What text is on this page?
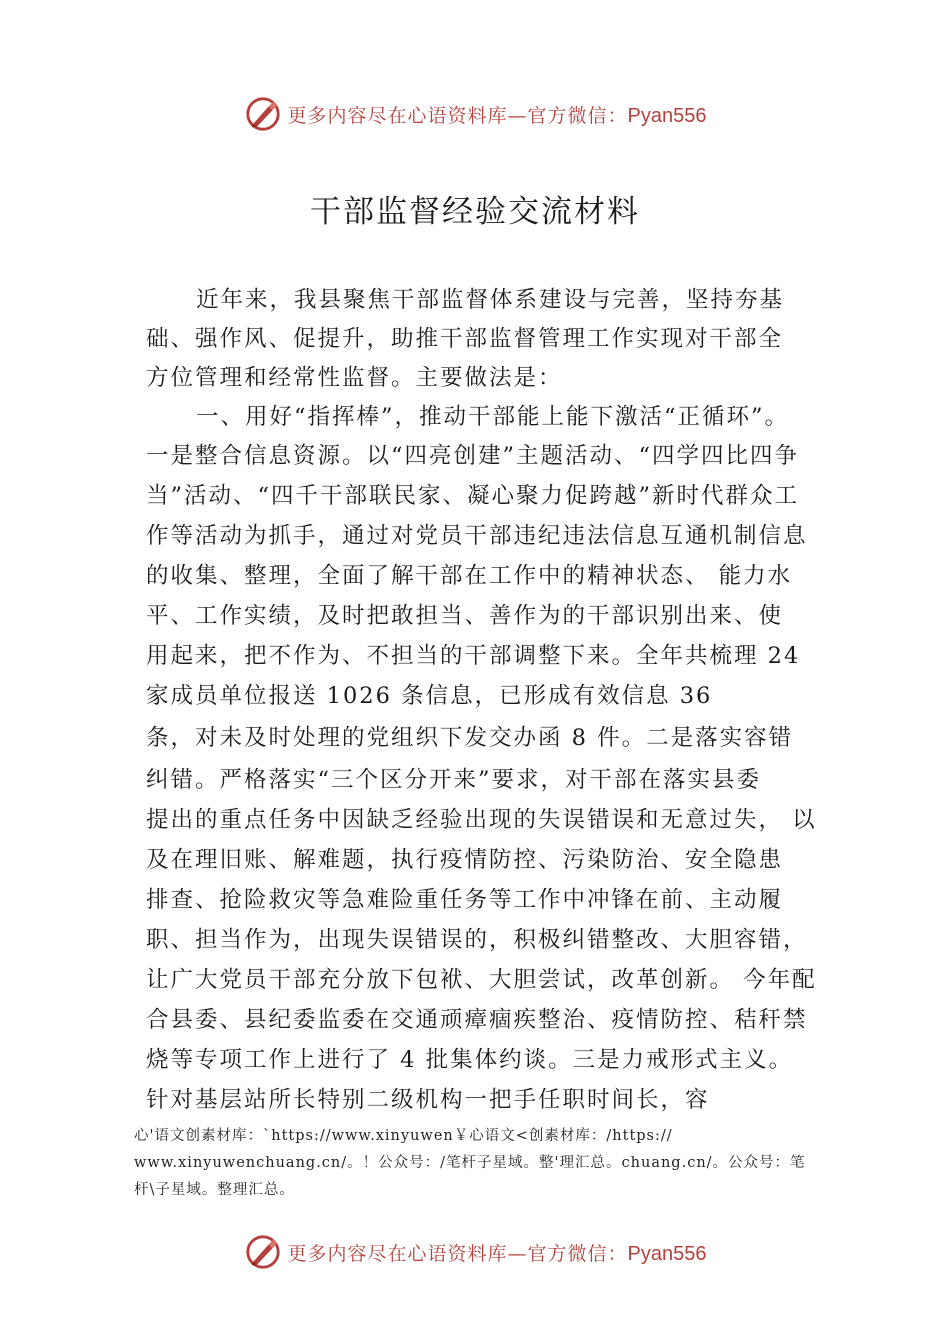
更多内容尽在心语资料库—官方微信：Pyan556
干部监督经验交流材料
近年来，我县聚焦干部监督体系建设与完善，坚持夯基
础、强作风、促提升，助推干部监督管理工作实现对干部全
方位管理和经常性监督。主要做法是：
一、用好“指挥棒”，推动干部能上能下激活“正循环”。
一是整合信息资源。以“四亮创建”主题活动、“四学四比四争
当”活动、“四千干部联民家、凝心聚力促跨越”新时代群众工
作等活动为抓手，通过对党员干部违纪违法信息互通机制信息
的收集、整理，全面了解干部在工作中的精神状态、 能力水
平、工作实绩，及时把敢担当、善作为的干部识别出来、使
用起来，把不作为、不担当的干部调整下来。全年共梳理 24
家成员单位报送 1026 条信息，已形成有效信息 36
条，对未及时处理的党组织下发交办函 8 件。二是落实容错
纠错。严格落实“三个区分开来”要求，对干部在落实县委
提出的重点任务中因缺乏经验出现的失误错误和无意过失， 以
及在理旧账、解难题，执行疫情防控、污染防治、安全隐患
排查、抢险救灾等急难险重任务等工作中冲锋在前、主动履
职、担当作为，出现失误错误的，积极纠错整改、大胆容错，
让广大党员干部充分放下包袱、大胆尝试，改革创新。 今年配
合县委、县纪委监委在交通顽瘴痼疾整治、疫情防控、秸秆禁
烧等专项工作上进行了 4 批集体约谈。三是力戒形式主义。
针对基层站所长特别二级机构一把手任职时间长，容
心'语文创素材库：`https://www.xinyuwen￥心语文<创素材库：/https://
www.xinyuwenchuang.cn/。！公众号：/笔杆子星域。整'理汇总。chuang.cn/。公众号：笔
杆\子星域。整理汇总。
更多内容尽在心语资料库—官方微信：Pyan556
